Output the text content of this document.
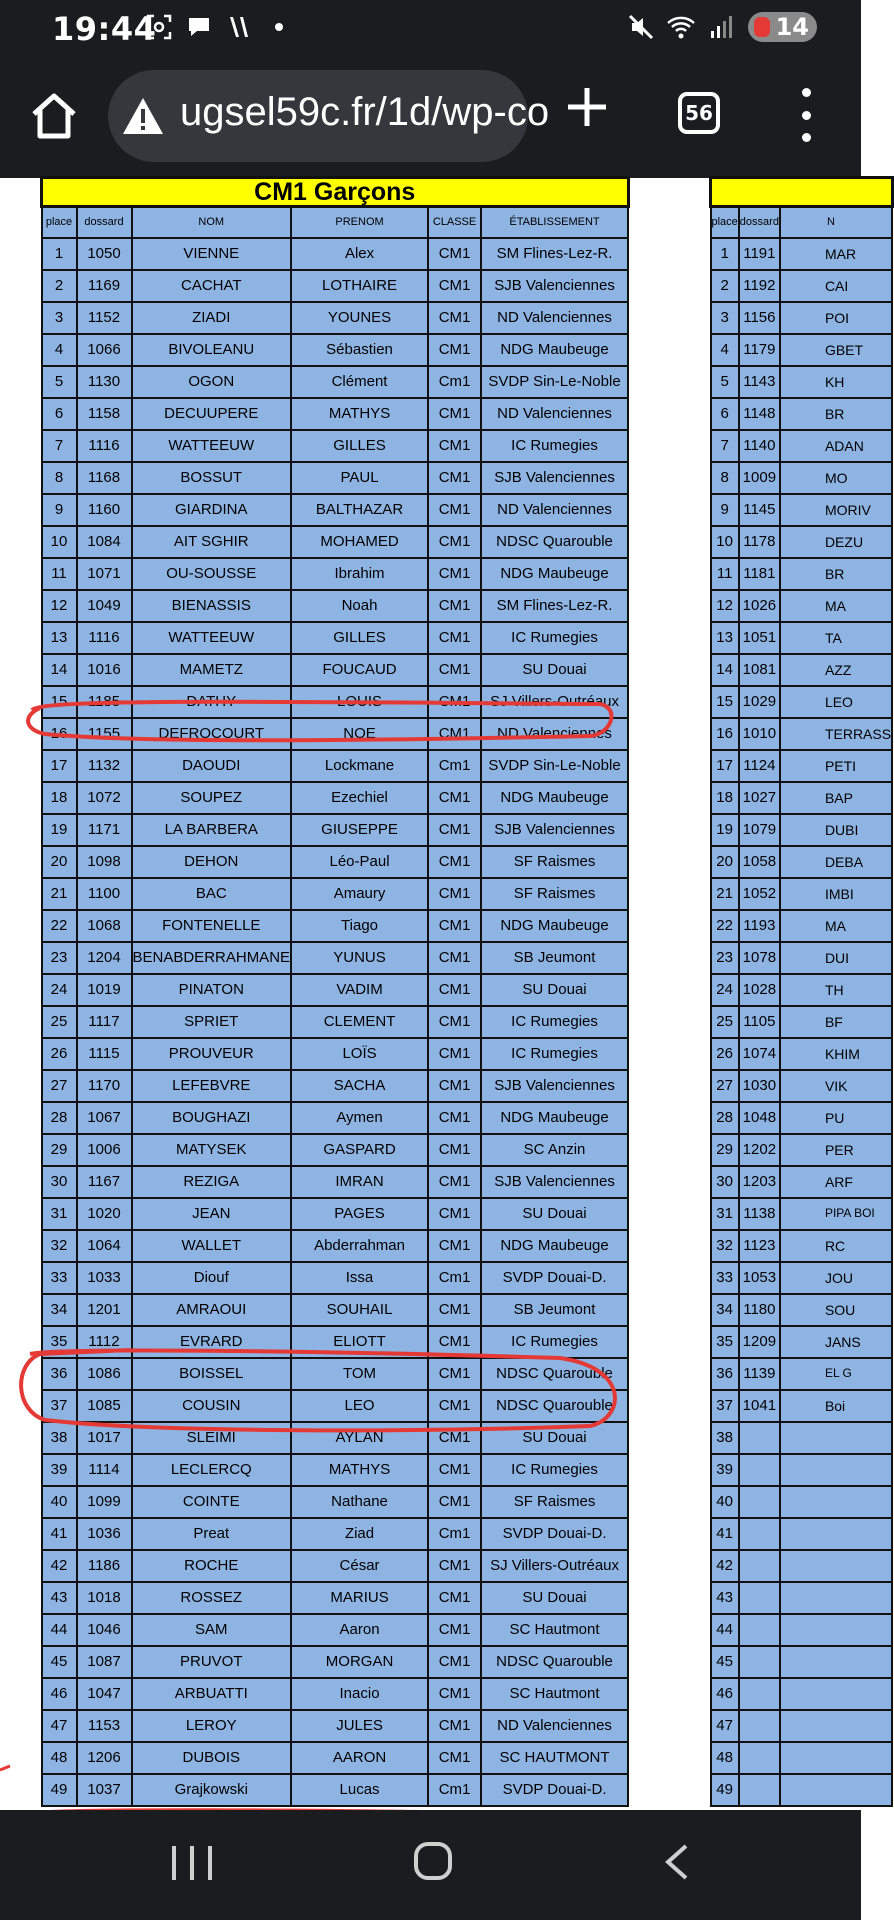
19:44	14
ugsel59c.fr/1d/wp-co	56
CM1 Garçons					
place	dossard	NOM	PRENOM	CLASSE	ÉTABLISSEMENT
1	1050	VIENNE	Alex	CM1	SM Flines-Lez-R.
2	1169	CACHAT	LOTHAIRE	CM1	SJB Valenciennes
3	1152	ZIADI	YOUNES	CM1	ND Valenciennes
4	1066	BIVOLEANU	Sébastien	CM1	NDG Maubeuge
5	1130	OGON	Clément	Cm1	SVDP Sin-Le-Noble
6	1158	DECUUPERE	MATHYS	CM1	ND Valenciennes
7	1116	WATTEEUW	GILLES	CM1	IC Rumegies
8	1168	BOSSUT	PAUL	CM1	SJB Valenciennes
9	1160	GIARDINA	BALTHAZAR	CM1	ND Valenciennes
10	1084	AIT SGHIR	MOHAMED	CM1	NDSC Quarouble
11	1071	OU-SOUSSE	Ibrahim	CM1	NDG Maubeuge
12	1049	BIENASSIS	Noah	CM1	SM Flines-Lez-R.
13	1116	WATTEEUW	GILLES	CM1	IC Rumegies
14	1016	MAMETZ	FOUCAUD	CM1	SU Douai
15	1185	DATHY	LOUIS	CM1	SJ Villers-Outréaux
16	1155	DEFROCOURT	NOE	CM1	ND Valenciennes
17	1132	DAOUDI	Lockmane	Cm1	SVDP Sin-Le-Noble
18	1072	SOUPEZ	Ezechiel	CM1	NDG Maubeuge
19	1171	LA BARBERA	GIUSEPPE	CM1	SJB Valenciennes
20	1098	DEHON	Léo-Paul	CM1	SF Raismes
21	1100	BAC	Amaury	CM1	SF Raismes
22	1068	FONTENELLE	Tiago	CM1	NDG Maubeuge
23	1204	BENABDERRAHMANE	YUNUS	CM1	SB Jeumont
24	1019	PINATON	VADIM	CM1	SU Douai
25	1117	SPRIET	CLEMENT	CM1	IC Rumegies
26	1115	PROUVEUR	LOÏS	CM1	IC Rumegies
27	1170	LEFEBVRE	SACHA	CM1	SJB Valenciennes
28	1067	BOUGHAZI	Aymen	CM1	NDG Maubeuge
29	1006	MATYSEK	GASPARD	CM1	SC Anzin
30	1167	REZIGA	IMRAN	CM1	SJB Valenciennes
31	1020	JEAN	PAGES	CM1	SU Douai
32	1064	WALLET	Abderrahman	CM1	NDG Maubeuge
33	1033	Diouf	Issa	Cm1	SVDP Douai-D.
34	1201	AMRAOUI	SOUHAIL	CM1	SB Jeumont
35	1112	EVRARD	ELIOTT	CM1	IC Rumegies
36	1086	BOISSEL	TOM	CM1	NDSC Quarouble
37	1085	COUSIN	LEO	CM1	NDSC Quarouble
38	1017	SLEIMI	AYLAN	CM1	SU Douai
39	1114	LECLERCQ	MATHYS	CM1	IC Rumegies
40	1099	COINTE	Nathane	CM1	SF Raismes
41	1036	Preat	Ziad	Cm1	SVDP Douai-D.
42	1186	ROCHE	César	CM1	SJ Villers-Outréaux
43	1018	ROSSEZ	MARIUS	CM1	SU Douai
44	1046	SAM	Aaron	CM1	SC Hautmont
45	1087	PRUVOT	MORGAN	CM1	NDSC Quarouble
46	1047	ARBUATTI	Inacio	CM1	SC Hautmont
47	1153	LEROY	JULES	CM1	ND Valenciennes
48	1206	DUBOIS	AARON	CM1	SC HAUTMONT
49	1037	Grajkowski	Lucas	Cm1	SVDP Douai-D.

place	dossard	N
1	1191	MAR
2	1192	CAI
3	1156	POI
4	1179	GBET
5	1143	KH
6	1148	BR
7	1140	ADAN
8	1009	MO
9	1145	MORIV
10	1178	DEZU
11	1181	BR
12	1026	MA
13	1051	TA
14	1081	AZZ
15	1029	LEO
16	1010	TERRASS
17	1124	PETI
18	1027	BAP
19	1079	DUBI
20	1058	DEBA
21	1052	IMBI
22	1193	MA
23	1078	DUI
24	1028	TH
25	1105	BF
26	1074	KHIM
27	1030	VIK
28	1048	PU
29	1202	PER
30	1203	ARF
31	1138	PIPA BOI
32	1123	RC
33	1053	JOU
34	1180	SOU
35	1209	JANS
36	1139	EL G
37	1041	Boi
38		
39		
40		
41		
42		
43		
44		
45		
46		
47		
48		
49		
